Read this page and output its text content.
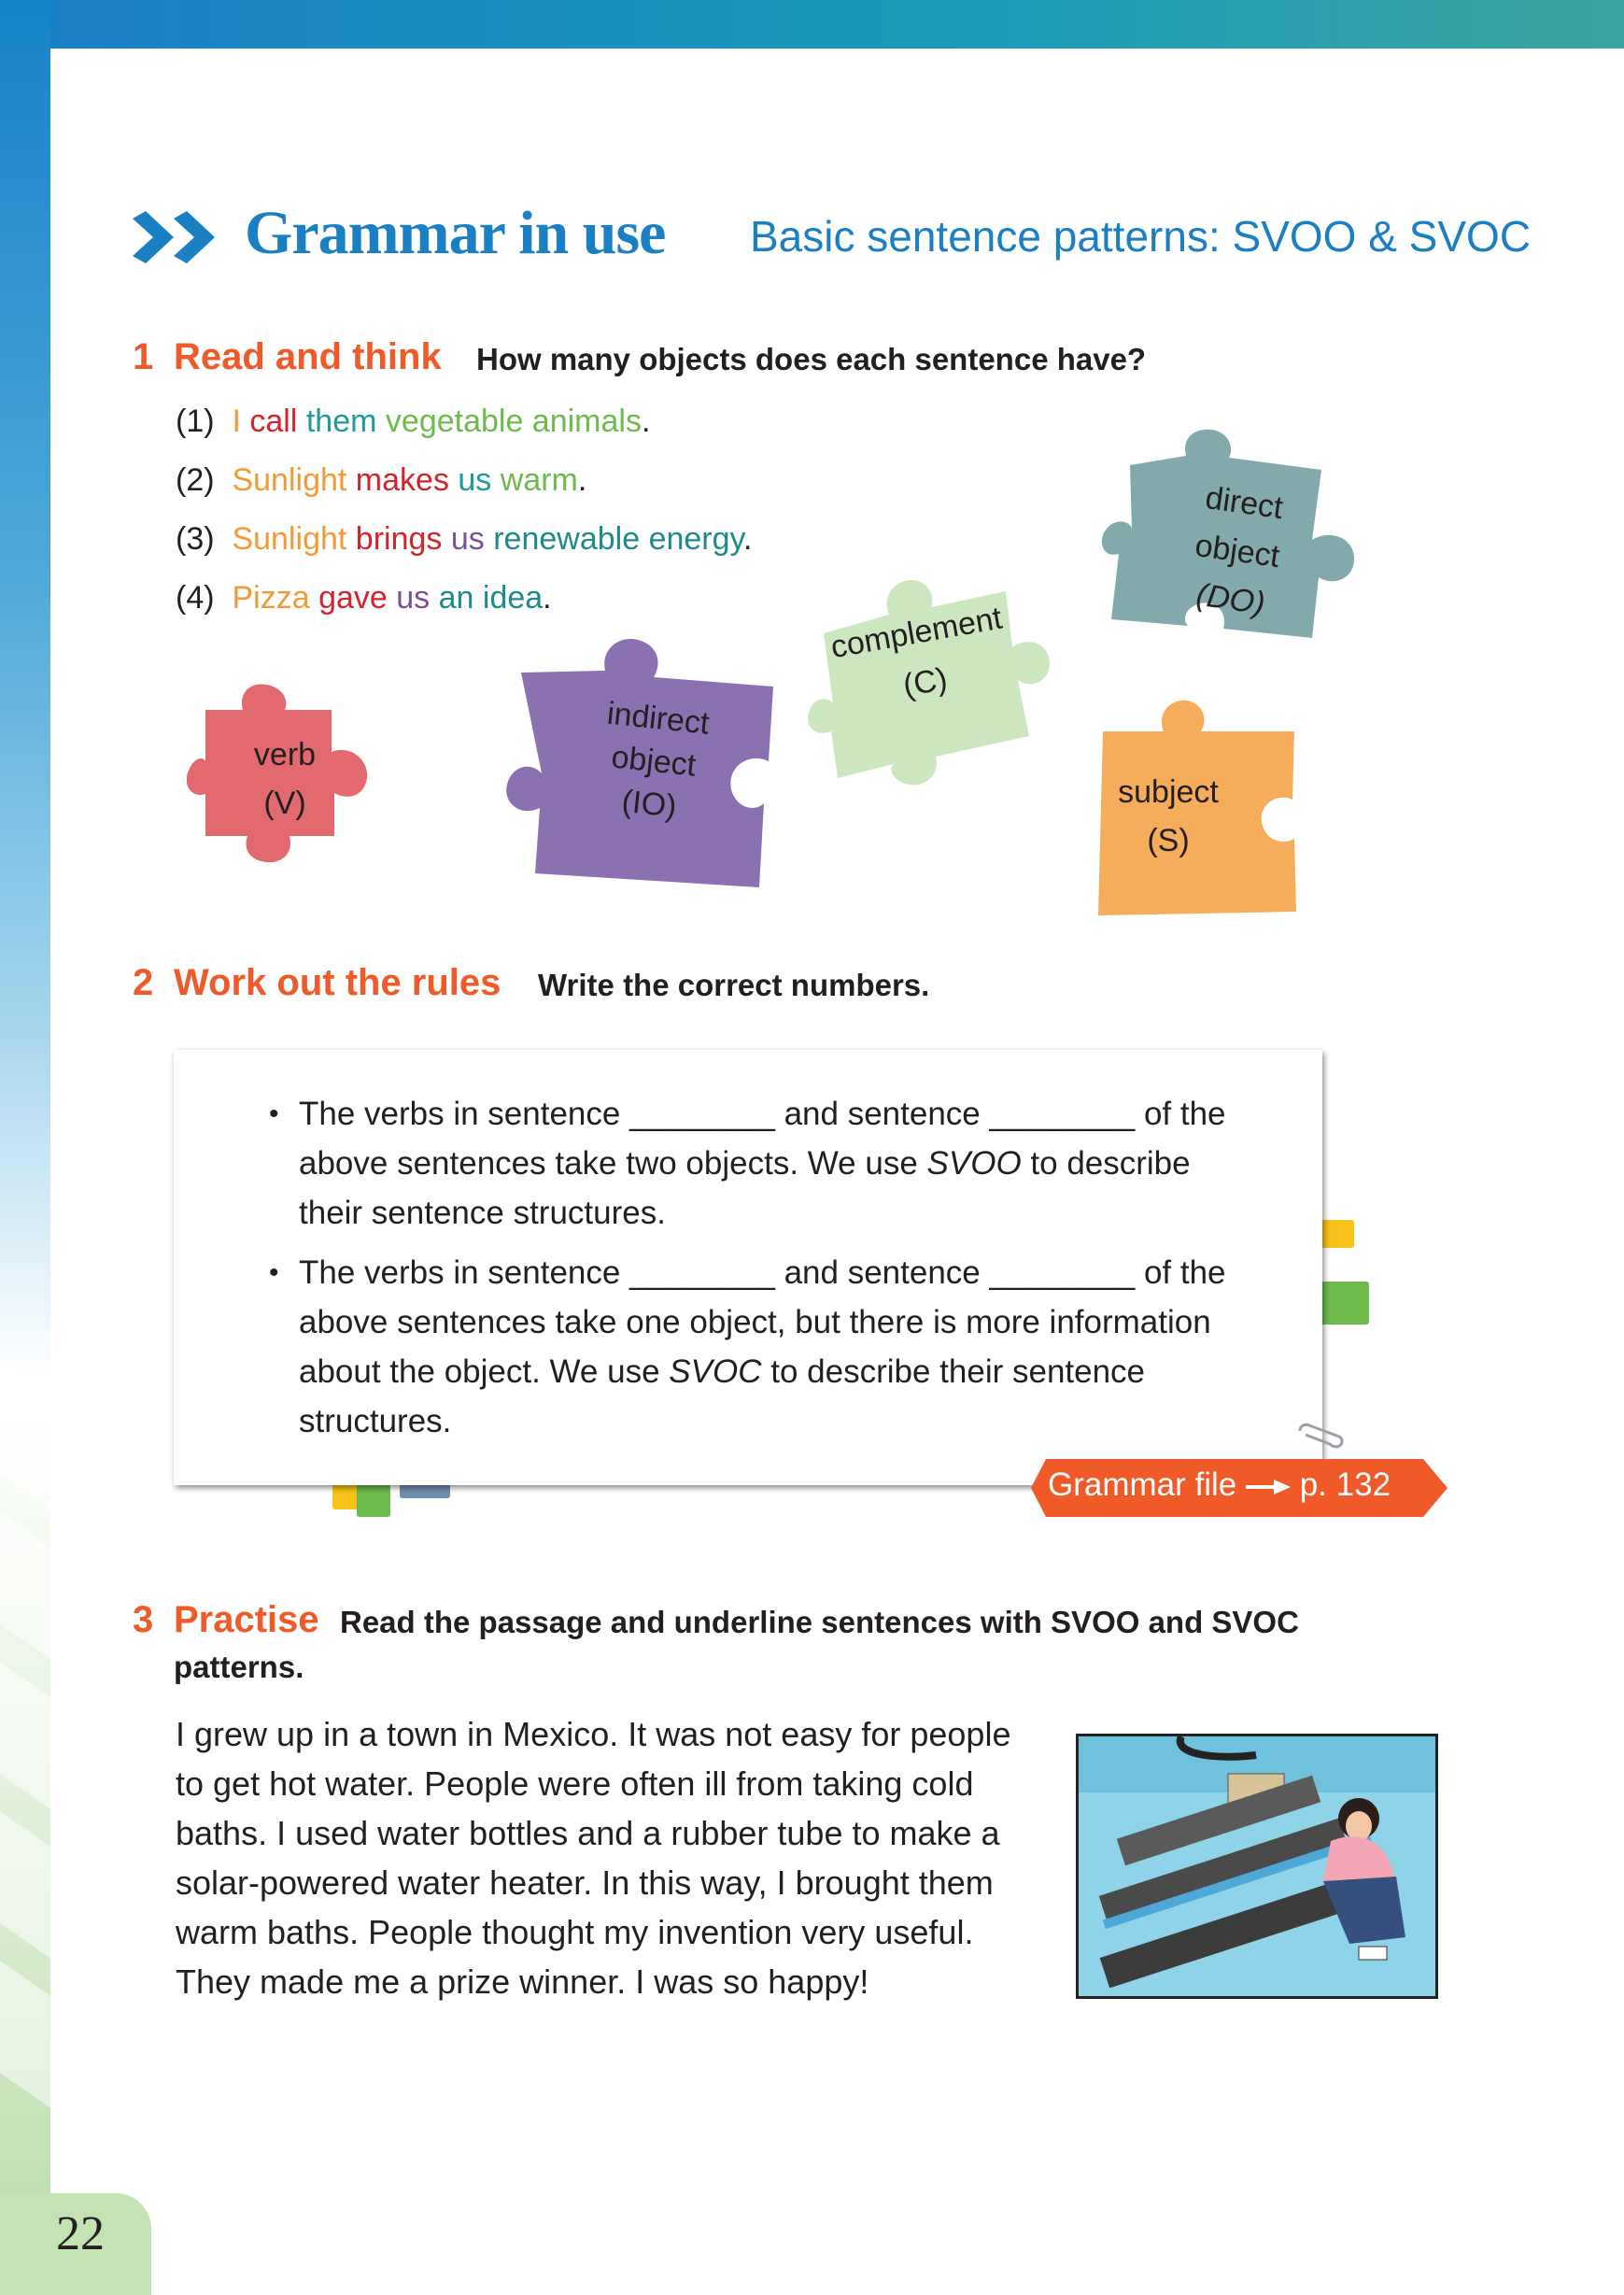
22
Grammar in use Basic sentence patterns: SVOO & SVOC
1 Read and think How many objects does each sentence have?
(1) I call them vegetable animals.
(2) Sunlight makes us warm.
(3) Sunlight brings us renewable energy.
(4) Pizza gave us an idea.
verb
(V)
indirect
object
(IO)
complement
(C)
direct
object
(DO)
subject
(S)
2 Work out the rules Write the correct numbers.
• The verbs in sentence ________ and sentence ________ of the
above sentences take two objects. We use SVOO to describe
their sentence structures.
• The verbs in sentence ________ and sentence ________ of the
above sentences take one object, but there is more information
about the object. We use SVOC to describe their sentence
structures.
Grammar file p. 132
3 Practise Read the passage and underline sentences with SVOO and SVOC
patterns.
I grew up in a town in Mexico. It was not easy for people
to get hot water. People were often ill from taking cold
baths. I used water bottles and a rubber tube to make a
solar-powered water heater. In this way, I brought them
warm baths. People thought my invention very useful.
They made me a prize winner. I was so happy!
